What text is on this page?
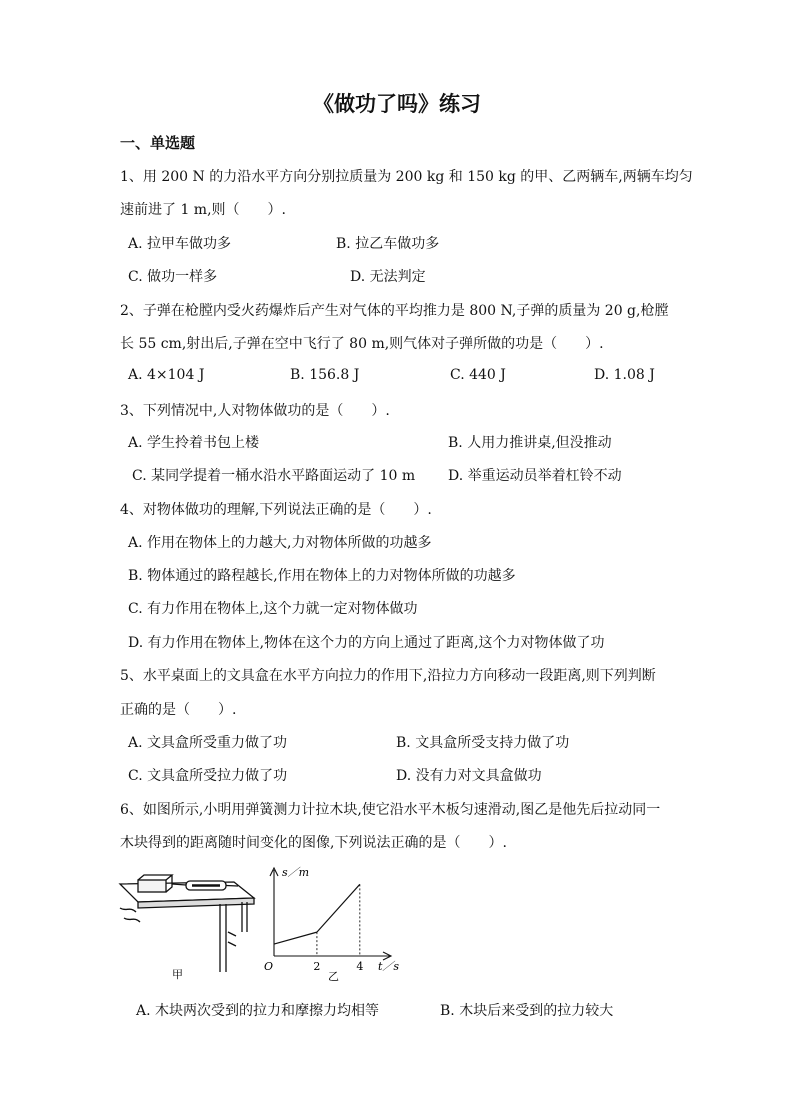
《做功了吗》练习
一、单选题
1、用 200 N 的力沿水平方向分别拉质量为 200 kg 和 150 kg 的甲、乙两辆车,两辆车均匀
速前进了 1 m,则（　　）.
A. 拉甲车做功多	B. 拉乙车做功多
C. 做功一样多	D. 无法判定
2、子弹在枪膛内受火药爆炸后产生对气体的平均推力是 800 N,子弹的质量为 20 g,枪膛
长 55 cm,射出后,子弹在空中飞行了 80 m,则气体对子弹所做的功是（　　）.
A. 4×104 J	B. 156.8 J	C. 440 J	D. 1.08 J
3、下列情况中,人对物体做功的是（　　）.
A. 学生拎着书包上楼	B. 人用力推讲桌,但没推动
C. 某同学提着一桶水沿水平路面运动了 10 m D. 举重运动员举着杠铃不动
4、对物体做功的理解,下列说法正确的是（　　）.
A. 作用在物体上的力越大,力对物体所做的功越多
B. 物体通过的路程越长,作用在物体上的力对物体所做的功越多
C. 有力作用在物体上,这个力就一定对物体做功
D. 有力作用在物体上,物体在这个力的方向上通过了距离,这个力对物体做了功
5、水平桌面上的文具盒在水平方向拉力的作用下,沿拉力方向移动一段距离,则下列判断
正确的是（　　）.
A. 文具盒所受重力做了功	B. 文具盒所受支持力做了功
C. 文具盒所受拉力做了功	D. 没有力对文具盒做功
6、如图所示,小明用弹簧测力计拉木块,使它沿水平木板匀速滑动,图乙是他先后拉动同一
木块得到的距离随时间变化的图像,下列说法正确的是（　　）.
甲
s／m
t／s
O	2	4
乙
A. 木块两次受到的拉力和摩擦力均相等	B. 木块后来受到的拉力较大
